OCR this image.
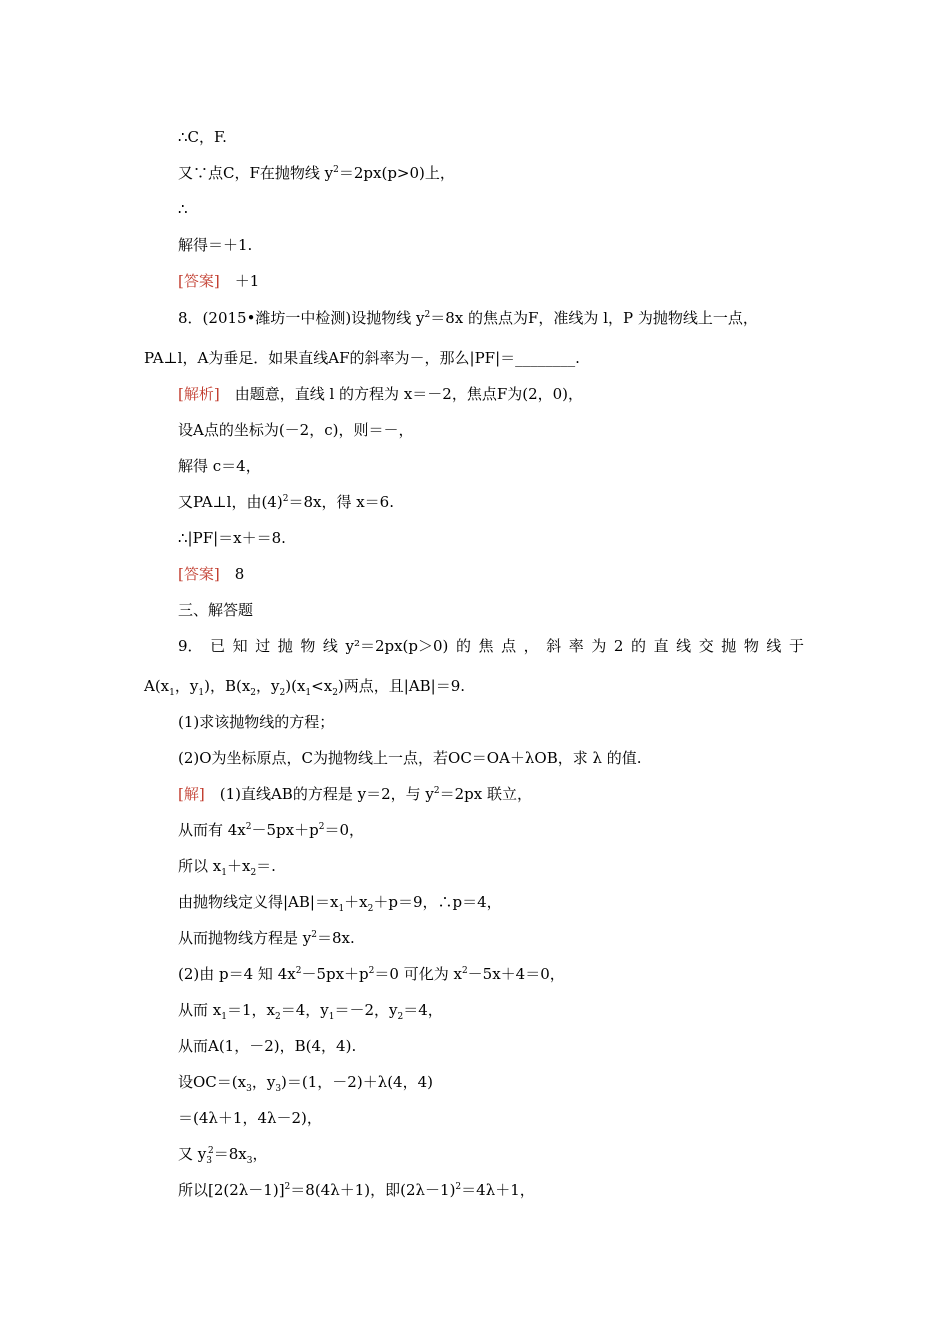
∴C，F.
又∵点C，F在抛物线 $y^2=2px(p>0)$上，
∴
解得＝＋1.
[答案]　＋1
8．(2015•潍坊一中检测)设抛物线 $y^2=8x$ 的焦点为F，准线为 l，P 为抛物线上一点，
PA⊥l，A为垂足．如果直线AF的斜率为－，那么|PF|＝________.
[解析]　由题意，直线 l 的方程为 x＝－2，焦点F为(2，0)，
设A点的坐标为(－2，c)，则＝－，
解得 c＝4，
又PA⊥l，由$(4)^2=8x$，得 x＝6.
∴|PF|＝x＋＝8.
[答案]　8
三、解答题
9． 已 知 过 抛 物 线 y²＝2px(p＞0) 的 焦 点 ， 斜 率 为 2 的 直 线 交 抛 物 线 于
$A(x_1$，$y_1$)，$B(x_2$，$y_2)(x_1<x_2)$两点，且|AB|＝9.
(1)求该抛物线的方程；
(2)O为坐标原点，C为抛物线上一点，若OC＝OA＋λOB，求 λ 的值.
[解]　(1)直线AB的方程是 y＝2，与 $y^2=2px$ 联立，
从而有 $4x^2-5px+p^2=0$，
所以 $x_1+x_2=$.
由抛物线定义得$|AB|=x_1+x_2+p=9$，∴p＝4，
从而抛物线方程是 $y^2=8x$.
(2)由 p＝4 知 $4x^2-5px+p^2=0$ 可化为 $x^2-5x+4=0$，
从而 $x_1=1$，$x_2=4$，$y_1=-2$，$y_2=4$，
从而A(1，－2)，B(4，4).
设$OC=(x_3$，$y_3)=(1$，－2)＋λ(4，4)
＝(4λ＋1，4λ－2)，
又 $y_3^2=8x_3$，
所以$[2(2\lambda-1)]^2=8(4\lambda+1)$，即$(2\lambda-1)^2=4\lambda+1$，
